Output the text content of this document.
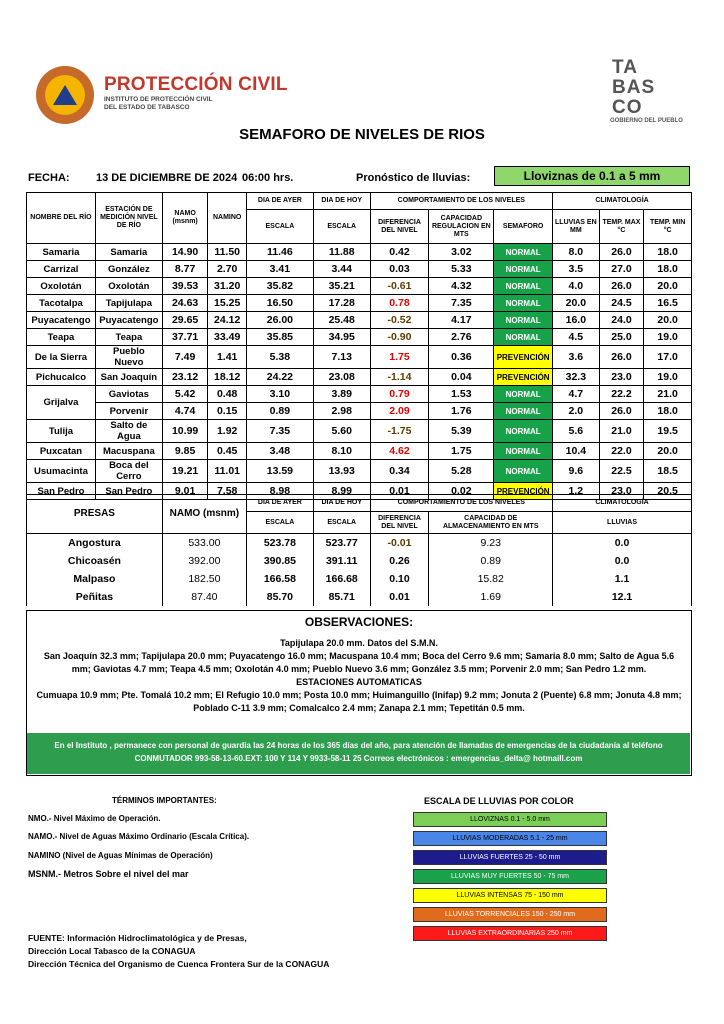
PROTECCIÓN CIVIL
INSTITUTO DE PROTECCIÓN CIVIL
DEL ESTADO DE TABASCO
TA
BAS
CO
GOBIERNO DEL PUEBLO
SEMAFORO DE NIVELES DE RIOS
FECHA: 13 DE DICIEMBRE DE 2024 06:00 hrs.	Pronóstico de lluvias:	Lloviznas de 0.1 a 5 mm
NOMBRE DEL RÍO	ESTACIÓN DE MEDICIÓN NIVEL DE RÍO	NAMO (msnm)	NAMINO	DIA DE AYER	DIA DE HOY	COMPORTAMIENTO DE LOS NIVELES			CLIMATOLOGÍA		
				ESCALA	ESCALA	DIFERENCIA DEL NIVEL	CAPACIDAD REGULACION EN MTS	SEMAFORO	LLUVIAS EN MM	TEMP. MAX °C	TEMP. MIN °C
Samaria	Samaria	14.90	11.50	11.46	11.88	0.42	3.02	NORMAL	8.0	26.0	18.0
Carrizal	González	8.77	2.70	3.41	3.44	0.03	5.33	NORMAL	3.5	27.0	18.0
Oxolotán	Oxolotán	39.53	31.20	35.82	35.21	-0.61	4.32	NORMAL	4.0	26.0	20.0
Tacotalpa	Tapijulapa	24.63	15.25	16.50	17.28	0.78	7.35	NORMAL	20.0	24.5	16.5
Puyacatengo	Puyacatengo	29.65	24.12	26.00	25.48	-0.52	4.17	NORMAL	16.0	24.0	20.0
Teapa	Teapa	37.71	33.49	35.85	34.95	-0.90	2.76	NORMAL	4.5	25.0	19.0
De la Sierra	Pueblo Nuevo	7.49	1.41	5.38	7.13	1.75	0.36	PREVENCIÓN	3.6	26.0	17.0
Pichucalco	San Joaquín	23.12	18.12	24.22	23.08	-1.14	0.04	PREVENCIÓN	32.3	23.0	19.0
Grijalva	Gaviotas	5.42	0.48	3.10	3.89	0.79	1.53	NORMAL	4.7	22.2	21.0
	Porvenir	4.74	0.15	0.89	2.98	2.09	1.76	NORMAL	2.0	26.0	18.0
Tulija	Salto de Agua	10.99	1.92	7.35	5.60	-1.75	5.39	NORMAL	5.6	21.0	19.5
Puxcatan	Macuspana	9.85	0.45	3.48	8.10	4.62	1.75	NORMAL	10.4	22.0	20.0
Usumacinta	Boca del Cerro	19.21	11.01	13.59	13.93	0.34	5.28	NORMAL	9.6	22.5	18.5
San Pedro	San Pedro	9.01	7.58	8.98	8.99	0.01	0.02	PREVENCIÓN	1.2	23.0	20.5
PRESAS	NAMO (msnm)	DIA DE AYER	DIA DE HOY	COMPORTAMIENTO DE LOS NIVELES		CLIMATOLOGÍA
		ESCALA	ESCALA	DIFERENCIA DEL NIVEL	CAPACIDAD DE ALMACENAMIENTO EN MTS	LLUVIAS
Angostura	533.00	523.78	523.77	-0.01	9.23	0.0
Chicoasén	392.00	390.85	391.11	0.26	0.89	0.0
Malpaso	182.50	166.58	166.68	0.10	15.82	1.1
Peñitas	87.40	85.70	85.71	0.01	1.69	12.1
OBSERVACIONES:
Tapijulapa 20.0 mm. Datos del S.M.N.
San Joaquín 32.3 mm; Tapijulapa 20.0 mm; Puyacatengo 16.0 mm; Macuspana 10.4 mm; Boca del Cerro 9.6 mm; Samaria 8.0 mm; Salto de Agua 5.6 mm; Gaviotas 4.7 mm; Teapa 4.5 mm; Oxolotán 4.0 mm; Pueblo Nuevo 3.6 mm; González 3.5 mm; Porvenir 2.0 mm; San Pedro 1.2 mm.
ESTACIONES AUTOMATICAS
Cumuapa 10.9 mm; Pte. Tomalá 10.2 mm; El Refugio 10.0 mm; Posta 10.0 mm; Huimanguillo (Inifap) 9.2 mm; Jonuta 2 (Puente) 6.8 mm; Jonuta 4.8 mm; Poblado C-11 3.9 mm; Comalcalco 2.4 mm; Zanapa 2.1 mm; Tepetitán 0.5 mm.
En el Instituto , permanece con personal de guardia las 24 horas de los 365 días del año, para atención de llamadas de emergencias de la ciudadanía al teléfono
CONMUTADOR 993-58-13-60.EXT: 100 Y 114 Y 9933-58-11 25 Correos electrónicos : emergencias_delta@ hotmaill.com
TÉRMINOS IMPORTANTES:
NMO.- Nivel Máximo de Operación.
NAMO.- Nivel de Aguas Máximo Ordinario (Escala Crítica).
NAMINO (Nivel de Aguas Mínimas de Operación)
MSNM.- Metros Sobre el nivel del mar
ESCALA DE LLUVIAS POR COLOR
LLOVIZNAS 0.1 - 5.0 mm
LLUVIAS MODERADAS 5.1 - 25 mm
LLUVIAS FUERTES 25 - 50 mm
LLUVIAS MUY FUERTES 50 - 75 mm
LLUVIAS INTENSAS 75 - 150 mm
LLUVIAS TORRENCIALES 150 - 250 mm
LLUVIAS EXTRAORDINARIAS 250 mm
FUENTE: Información Hidroclimatológica y de Presas,
Dirección Local Tabasco de la CONAGUA
Dirección Técnica del Organismo de Cuenca Frontera Sur de la CONAGUA
